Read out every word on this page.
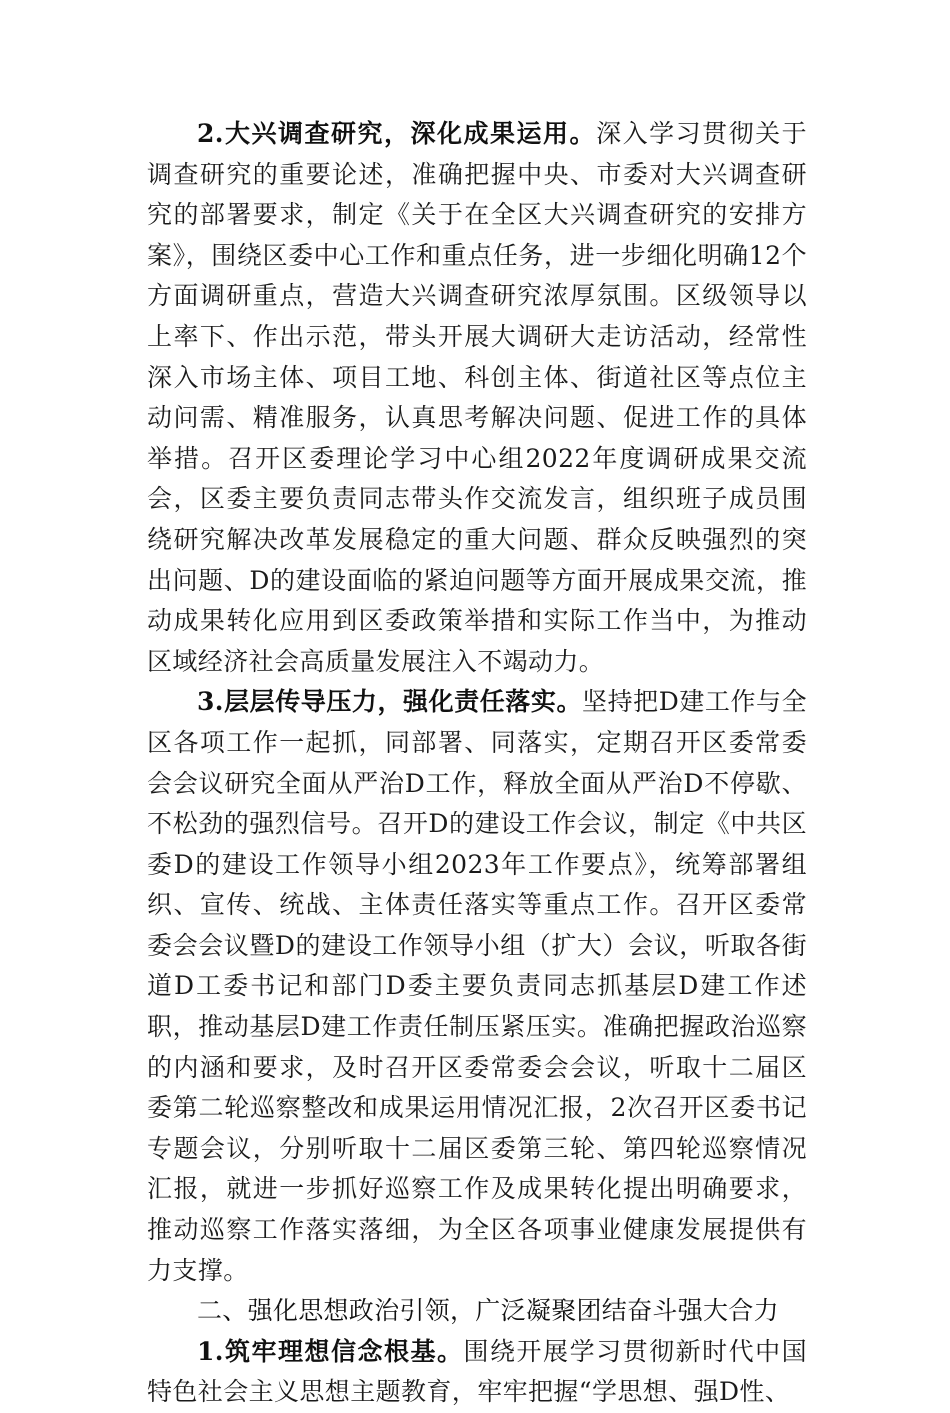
2.大兴调查研究，深化成果运用。深入学习贯彻关于调查研究的重要论述，准确把握中央、市委对大兴调查研究的部署要求，制定《关于在全区大兴调查研究的安排方案》，围绕区委中心工作和重点任务，进一步细化明确12个方面调研重点，营造大兴调查研究浓厚氛围。区级领导以上率下、作出示范，带头开展大调研大走访活动，经常性深入市场主体、项目工地、科创主体、街道社区等点位主动问需、精准服务，认真思考解决问题、促进工作的具体举措。召开区委理论学习中心组2022年度调研成果交流会，区委主要负责同志带头作交流发言，组织班子成员围绕研究解决改革发展稳定的重大问题、群众反映强烈的突出问题、D的建设面临的紧迫问题等方面开展成果交流，推动成果转化应用到区委政策举措和实际工作当中，为推动区域经济社会高质量发展注入不竭动力。

3.层层传导压力，强化责任落实。坚持把D建工作与全区各项工作一起抓，同部署、同落实，定期召开区委常委会会议研究全面从严治D工作，释放全面从严治D不停歇、不松劲的强烈信号。召开D的建设工作会议，制定《中共区委D的建设工作领导小组2023年工作要点》，统筹部署组织、宣传、统战、主体责任落实等重点工作。召开区委常委会会议暨D的建设工作领导小组（扩大）会议，听取各街道D工委书记和部门D委主要负责同志抓基层D建工作述职，推动基层D建工作责任制压紧压实。准确把握政治巡察的内涵和要求，及时召开区委常委会会议，听取十二届区委第二轮巡察整改和成果运用情况汇报，2次召开区委书记专题会议，分别听取十二届区委第三轮、第四轮巡察情况汇报，就进一步抓好巡察工作及成果转化提出明确要求，推动巡察工作落实落细，为全区各项事业健康发展提供有力支撑。

二、强化思想政治引领，广泛凝聚团结奋斗强大合力

1.筑牢理想信念根基。围绕开展学习贯彻新时代中国特色社会主义思想主题教育，牢牢把握“学思想、强D性、
